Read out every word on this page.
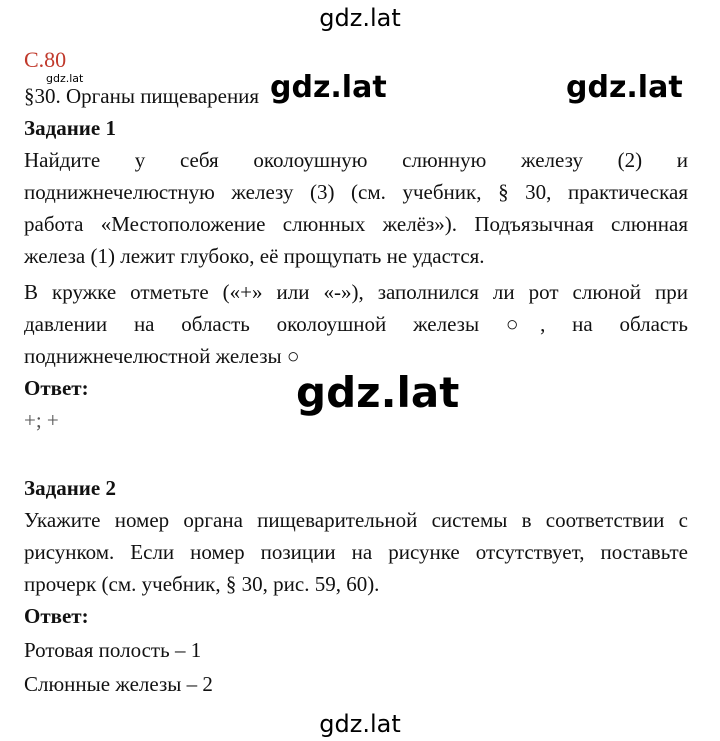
gdz.lat
С.80
gdz.lat
§30. Органы пищеварения gdz.lat	gdz.lat
Задание 1
Найдите у себя околоушную слюнную железу (2) и
поднижнечелюстную железу (3) (см. учебник, § 30, практическая
работа «Местоположение слюнных желёз»). Подъязычная слюнная
железа (1) лежит глубоко, её прощупать не удастся.
В кружке отметьте («+» или «-»), заполнился ли рот слюной при
давлении на область околоушной железы ○, на область
поднижнечелюстной железы ○
Ответ:	gdz.lat
+; +
Задание 2
Укажите номер органа пищеварительной системы в соответствии с
рисунком. Если номер позиции на рисунке отсутствует, поставьте
прочерк (см. учебник, § 30, рис. 59, 60).
Ответ:
Ротовая полость – 1
Слюнные железы – 2
gdz.lat
